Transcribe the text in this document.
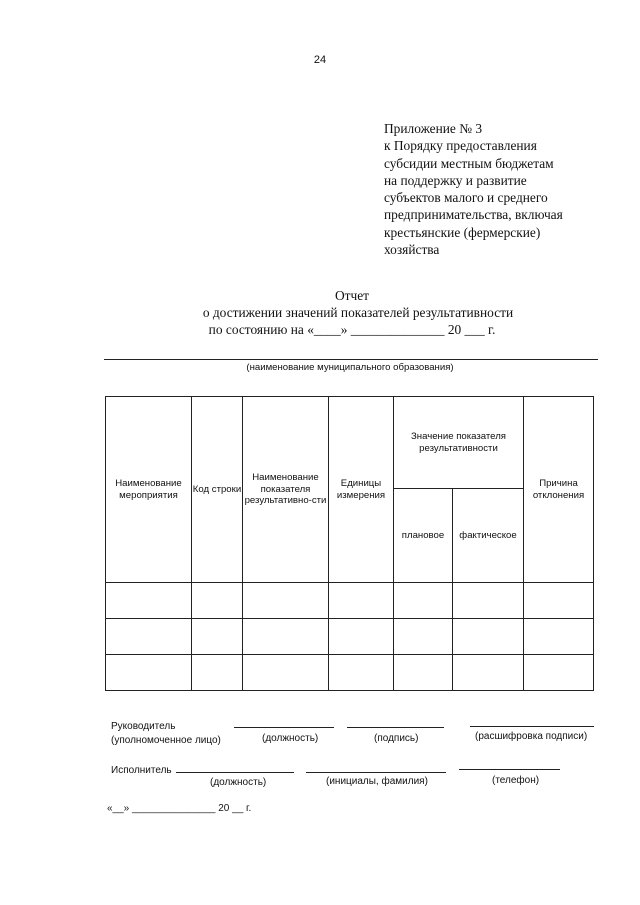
24
Приложение № 3
к Порядку предоставления
субсидии местным бюджетам
на поддержку и развитие
субъектов малого и среднего
предпринимательства, включая
крестьянские (фермерские)
хозяйства
Отчет
о достижении значений показателей результативности
по состоянию на «____» ______________ 20 ___ г.
(наименование муниципального образования)
Наименование мероприятия	Код строки	Наименование показателя результативно-сти	Единицы измерения	Значение показателя результативности		Причина отклонения
				плановое	фактическое	

Руководитель
(уполномоченное лицо)	(должность)	(подпись)	(расшифровка подписи)
Исполнитель
(должность)	(инициалы, фамилия)	(телефон)
«__» _______________ 20 __ г.
